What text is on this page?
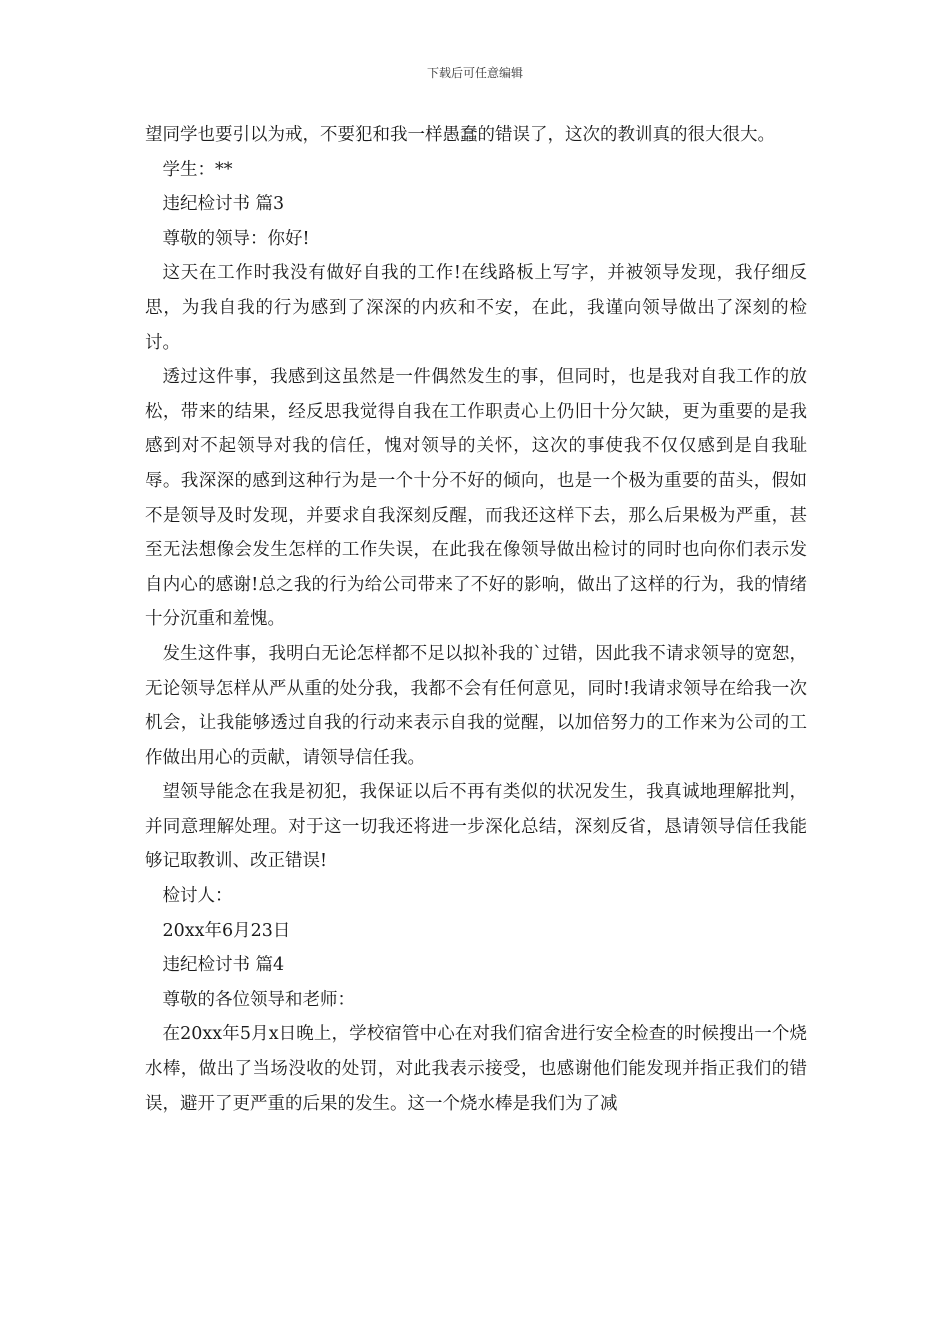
下载后可任意编辑

望同学也要引以为戒，不要犯和我一样愚蠢的错误了，这次的教训真的很大很大。

学生：**

违纪检讨书 篇3

尊敬的领导：你好!

这天在工作时我没有做好自我的工作!在线路板上写字，并被领导发现，我仔细反思，为我自我的行为感到了深深的内疚和不安，在此，我谨向领导做出了深刻的检讨。

透过这件事，我感到这虽然是一件偶然发生的事，但同时，也是我对自我工作的放松，带来的结果，经反思我觉得自我在工作职责心上仍旧十分欠缺，更为重要的是我感到对不起领导对我的信任，愧对领导的关怀，这次的事使我不仅仅感到是自我耻辱。我深深的感到这种行为是一个十分不好的倾向，也是一个极为重要的苗头，假如不是领导及时发现，并要求自我深刻反醒，而我还这样下去，那么后果极为严重，甚至无法想像会发生怎样的工作失误，在此我在像领导做出检讨的同时也向你们表示发自内心的感谢!总之我的行为给公司带来了不好的影响，做出了这样的行为，我的情绪十分沉重和羞愧。

发生这件事，我明白无论怎样都不足以拟补我的`过错，因此我不请求领导的宽恕，无论领导怎样从严从重的处分我，我都不会有任何意见，同时!我请求领导在给我一次机会，让我能够透过自我的行动来表示自我的觉醒，以加倍努力的工作来为公司的工作做出用心的贡献，请领导信任我。

望领导能念在我是初犯，我保证以后不再有类似的状况发生，我真诚地理解批判，并同意理解处理。对于这一切我还将进一步深化总结，深刻反省，恳请领导信任我能够记取教训、改正错误!

检讨人：

20xx年6月23日

违纪检讨书 篇4

尊敬的各位领导和老师：

在20xx年5月x日晚上，学校宿管中心在对我们宿舍进行安全检查的时候搜出一个烧水棒，做出了当场没收的处罚，对此我表示接受，也感谢他们能发现并指正我们的错误，避开了更严重的后果的发生。这一个烧水棒是我们为了减
